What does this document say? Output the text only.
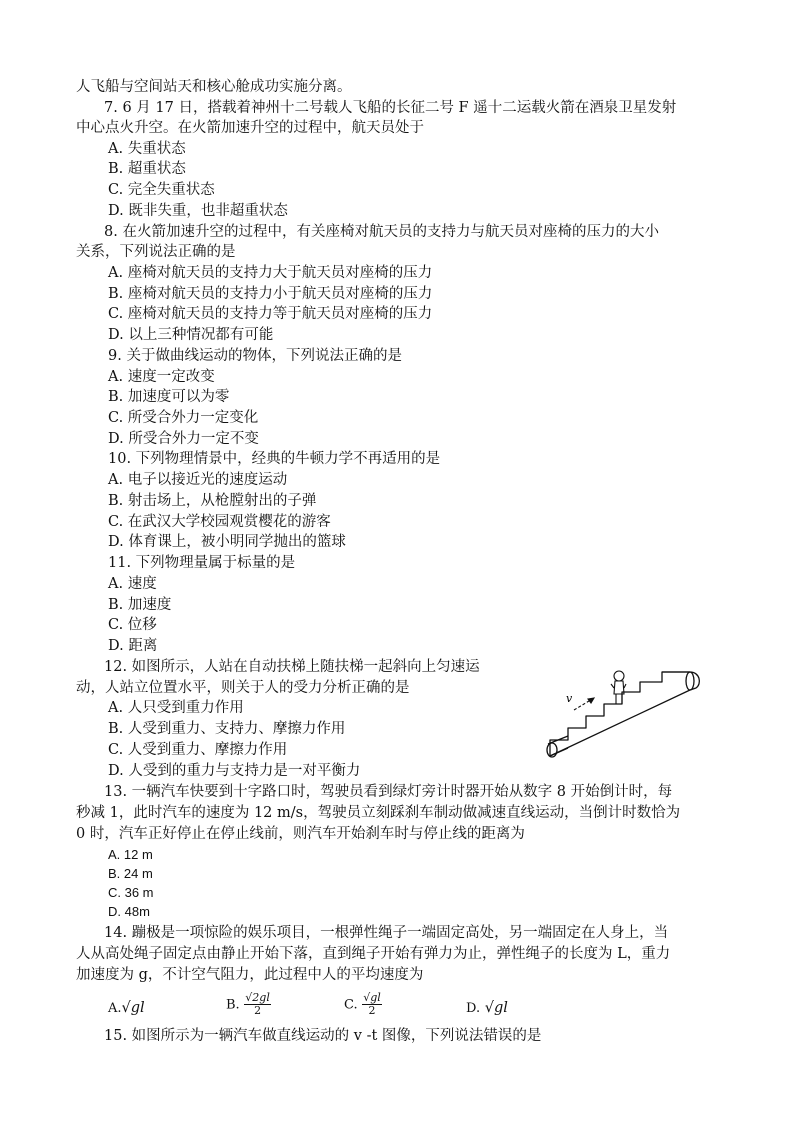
人飞船与空间站天和核心舱成功实施分离。
7. 6 月 17 日，搭载着神州十二号载人飞船的长征二号 F 遥十二运载火箭在酒泉卫星发射
中心点火升空。在火箭加速升空的过程中，航天员处于
A. 失重状态
B. 超重状态
C. 完全失重状态
D. 既非失重，也非超重状态
8. 在火箭加速升空的过程中，有关座椅对航天员的支持力与航天员对座椅的压力的大小
关系，下列说法正确的是
A. 座椅对航天员的支持力大于航天员对座椅的压力
B. 座椅对航天员的支持力小于航天员对座椅的压力
C. 座椅对航天员的支持力等于航天员对座椅的压力
D. 以上三种情况都有可能
9. 关于做曲线运动的物体，下列说法正确的是
A. 速度一定改变
B. 加速度可以为零
C. 所受合外力一定变化
D. 所受合外力一定不变
10. 下列物理情景中，经典的牛顿力学不再适用的是
A. 电子以接近光的速度运动
B. 射击场上，从枪膛射出的子弹
C. 在武汉大学校园观赏樱花的游客
D. 体育课上，被小明同学抛出的篮球
11. 下列物理量属于标量的是
A. 速度
B. 加速度
C. 位移
D. 距离
12. 如图所示，人站在自动扶梯上随扶梯一起斜向上匀速运
动，人站立位置水平，则关于人的受力分析正确的是
A. 人只受到重力作用
B. 人受到重力、支持力、摩擦力作用
C. 人受到重力、摩擦力作用
D. 人受到的重力与支持力是一对平衡力
v
13. 一辆汽车快要到十字路口时，驾驶员看到绿灯旁计时器开始从数字 8 开始倒计时，每
秒减 1，此时汽车的速度为 12 m/s，驾驶员立刻踩刹车制动做减速直线运动，当倒计时数恰为
0 时，汽车正好停止在停止线前，则汽车开始刹车时与停止线的距离为
A. 12 m
B. 24 m
C. 36 m
D. 48m
14. 蹦极是一项惊险的娱乐项目，一根弹性绳子一端固定高处，另一端固定在人身上，当
人从高处绳子固定点由静止开始下落，直到绳子开始有弹力为止，弹性绳子的长度为 L，重力
加速度为 g，不计空气阻力，此过程中人的平均速度为
A.√gl	B. $\frac{√2gl}{2}$	C. $\frac{√gl}{2}$	D. √gl
15. 如图所示为一辆汽车做直线运动的 v -t 图像，下列说法错误的是
